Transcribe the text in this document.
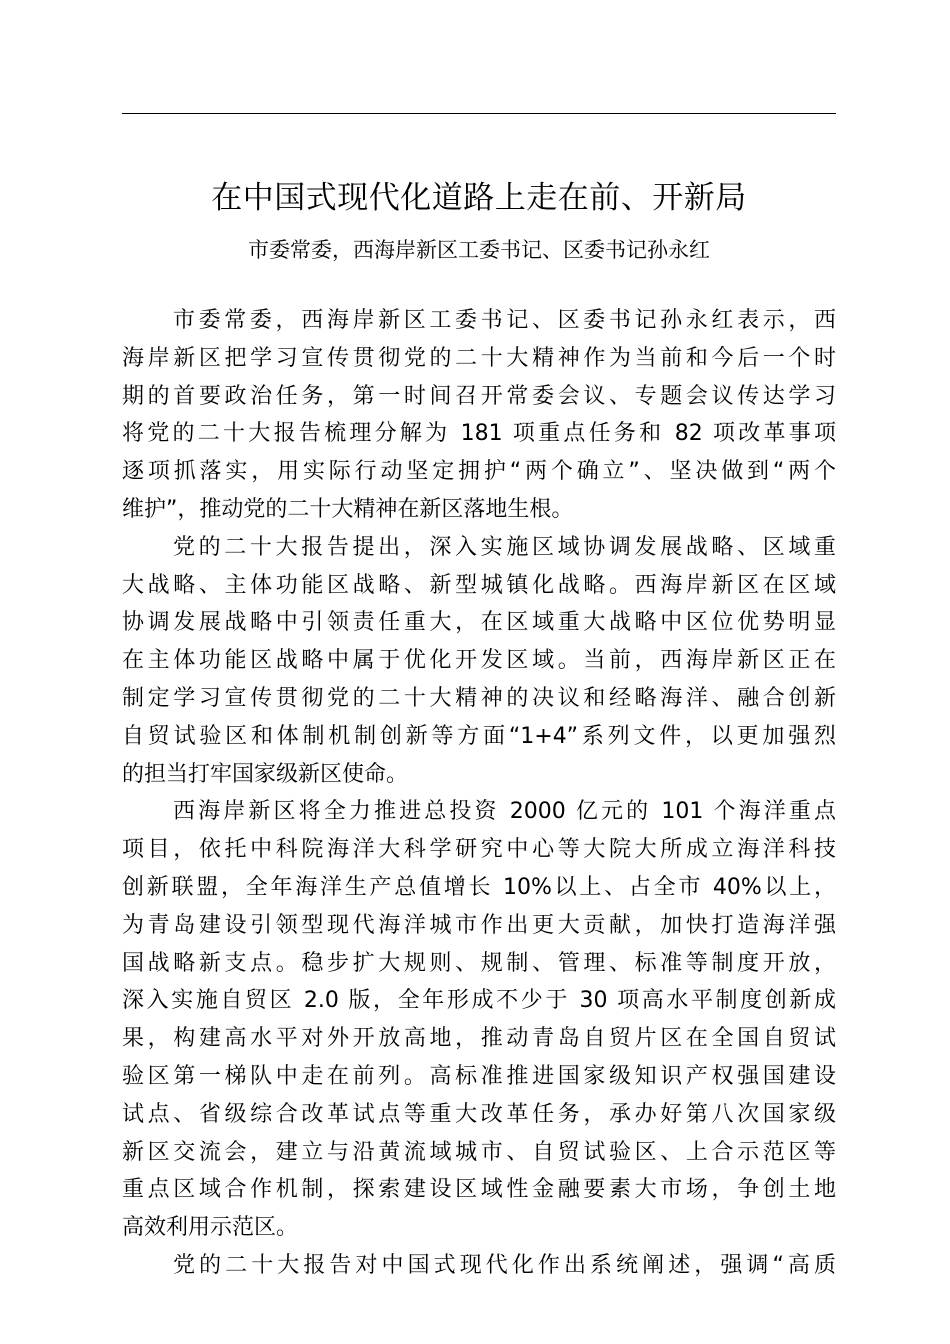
在中国式现代化道路上走在前、开新局
市委常委，西海岸新区工委书记、区委书记孙永红
市委常委，西海岸新区工委书记、区委书记孙永红表示，西
海岸新区把学习宣传贯彻党的二十大精神作为当前和今后一个时
期的首要政治任务，第一时间召开常委会议、专题会议传达学习
将党的二十大报告梳理分解为 181 项重点任务和 82 项改革事项
逐项抓落实，用实际行动坚定拥护“两个确立”、坚决做到“两个
维护”，推动党的二十大精神在新区落地生根。
党的二十大报告提出，深入实施区域协调发展战略、区域重
大战略、主体功能区战略、新型城镇化战略。西海岸新区在区域
协调发展战略中引领责任重大，在区域重大战略中区位优势明显
在主体功能区战略中属于优化开发区域。当前，西海岸新区正在
制定学习宣传贯彻党的二十大精神的决议和经略海洋、融合创新
自贸试验区和体制机制创新等方面“1+4”系列文件，以更加强烈
的担当打牢国家级新区使命。
西海岸新区将全力推进总投资 2000 亿元的 101 个海洋重点
项目，依托中科院海洋大科学研究中心等大院大所成立海洋科技
创新联盟，全年海洋生产总值增长 10%以上、占全市 40%以上，
为青岛建设引领型现代海洋城市作出更大贡献，加快打造海洋强
国战略新支点。稳步扩大规则、规制、管理、标准等制度开放，
深入实施自贸区 2.0 版，全年形成不少于 30 项高水平制度创新成
果，构建高水平对外开放高地，推动青岛自贸片区在全国自贸试
验区第一梯队中走在前列。高标准推进国家级知识产权强国建设
试点、省级综合改革试点等重大改革任务，承办好第八次国家级
新区交流会，建立与沿黄流域城市、自贸试验区、上合示范区等
重点区域合作机制，探索建设区域性金融要素大市场，争创土地
高效利用示范区。
党的二十大报告对中国式现代化作出系统阐述，强调“高质
